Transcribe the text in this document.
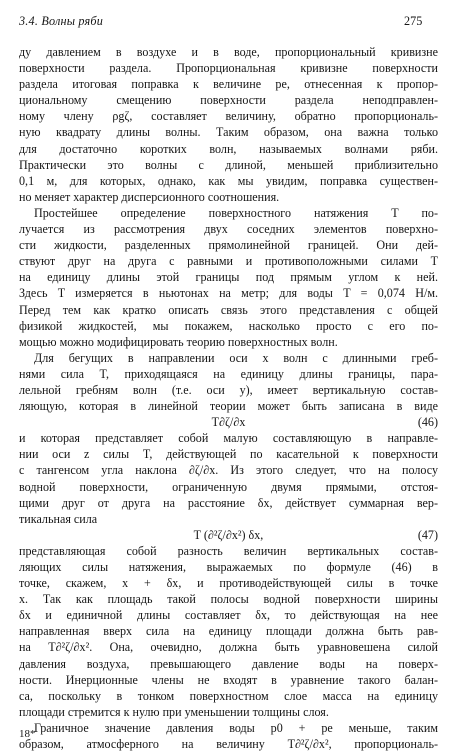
3.4. Волны ряби	275
ду давлением в воздухе и в воде, пропорциональный кривизне
поверхности раздела. Пропорциональная кривизне поверхности
раздела итоговая поправка к величине pe, отнесенная к пропор-
циональному смещению поверхности раздела неподправлен-
ному члену ρgζ, составляет величину, обратно пропорциональ-
ную квадрату длины волны. Таким образом, она важна только
для достаточно коротких волн, называемых волнами ряби.
Практически это волны с длиной, меньшей приблизительно
0,1 м, для которых, однако, как мы увидим, поправка существен-
но меняет характер дисперсионного соотношения.
Простейшее определение поверхностного натяжения T по-
лучается из рассмотрения двух соседних элементов поверхно-
сти жидкости, разделенных прямолинейной границей. Они дей-
ствуют друг на друга с равными и противоположными силами T
на единицу длины этой границы под прямым углом к ней.
Здесь T измеряется в ньютонах на метр; для воды T = 0,074 Н/м.
Перед тем как кратко описать связь этого представления с общей
физикой жидкостей, мы покажем, насколько просто с его по-
мощью можно модифицировать теорию поверхностных волн.
Для бегущих в направлении оси x волн с длинными греб-
нями сила T, приходящаяся на единицу длины границы, пара-
лельной гребням волн (т.е. оси y), имеет вертикальную состав-
ляющую, которая в линейной теории может быть записана в виде
T∂ζ/∂x	(46)
и которая представляет собой малую составляющую в направле-
нии оси z силы T, действующей по касательной к поверхности
с тангенсом угла наклона ∂ζ/∂x. Из этого следует, что на полосу
водной поверхности, ограниченную двумя прямыми, отстоя-
щими друг от друга на расстояние δx, действует суммарная вер-
тикальная сила
T (∂²ζ/∂x²) δx,	(47)
представляющая собой разность величин вертикальных состав-
ляющих силы натяжения, выражаемых по формуле (46) в
точке, скажем, x + δx, и противодействующей силы в точке
x. Так как площадь такой полосы водной поверхности ширины
δx и единичной длины составляет δx, то действующая на нее
направленная вверх сила на единицу площади должна быть рав-
на T∂²ζ/∂x². Она, очевидно, должна быть уравновешена силой
давления воздуха, превышающего давление воды на поверх-
ности. Инерционные члены не входят в уравнение такого балан-
са, поскольку в тонком поверхностном слое масса на единицу
площади стремится к нулю при уменьшении толщины слоя.
Граничное значение давления воды p0 + pe меньше, таким
образом, атмосферного на величину T∂²ζ/∂x², пропорциональ-
18*
